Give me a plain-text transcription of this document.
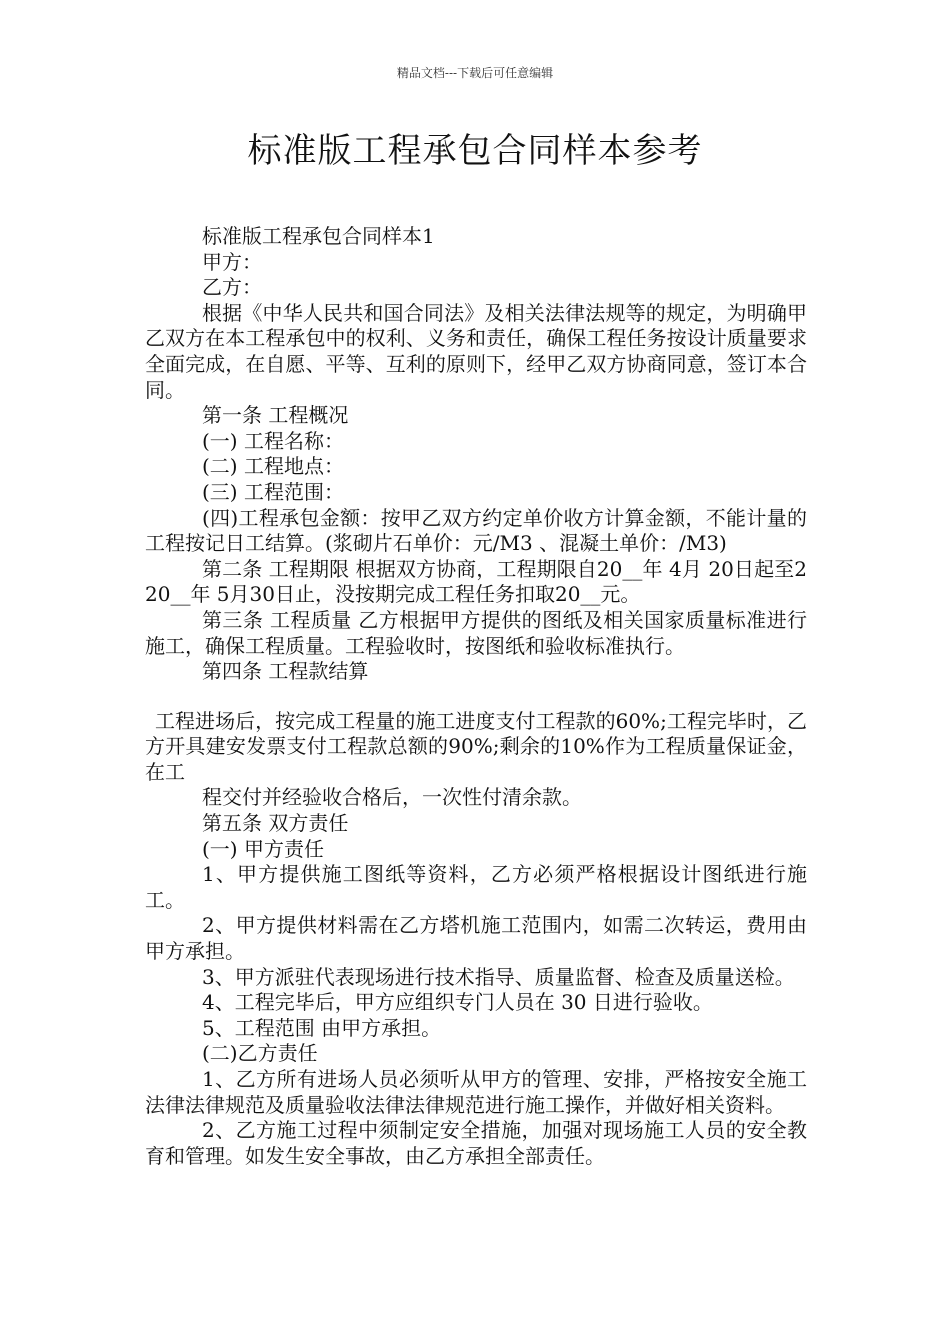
精品文档---下载后可任意编辑
标准版工程承包合同样本参考

标准版工程承包合同样本1

甲方：

乙方：

根据《中华人民共和国合同法》及相关法律法规等的规定，为明确甲乙双方在本工程承包中的权利、义务和责任，确保工程任务按设计质量要求全面完成，在自愿、平等、互利的原则下，经甲乙双方协商同意，签订本合同。

第一条 工程概况

(一) 工程名称：

(二) 工程地点：

(三) 工程范围：

(四)工程承包金额：按甲乙双方约定单价收方计算金额，不能计量的工程按记日工结算。(浆砌片石单价：元/M3 、混凝土单价：/M3)

第二条 工程期限 根据双方协商，工程期限自20__年 4月 20日起至220__年 5月30日止，没按期完成工程任务扣取20__元。

第三条 工程质量 乙方根据甲方提供的图纸及相关国家质量标准进行施工，确保工程质量。工程验收时，按图纸和验收标准执行。

第四条 工程款结算

工程进场后，按完成工程量的施工进度支付工程款的60%;工程完毕时，乙方开具建安发票支付工程款总额的90%;剩余的10%作为工程质量保证金，在工

程交付并经验收合格后，一次性付清余款。

第五条 双方责任

(一) 甲方责任

1、甲方提供施工图纸等资料，乙方必须严格根据设计图纸进行施工。

2、甲方提供材料需在乙方塔机施工范围内，如需二次转运，费用由甲方承担。

3、甲方派驻代表现场进行技术指导、质量监督、检查及质量送检。

4、工程完毕后，甲方应组织专门人员在 30 日进行验收。

5、工程范围 由甲方承担。

(二)乙方责任

1、乙方所有进场人员必须听从甲方的管理、安排，严格按安全施工法律法律规范及质量验收法律法律规范进行施工操作，并做好相关资料。

2、乙方施工过程中须制定安全措施，加强对现场施工人员的安全教育和管理。如发生安全事故，由乙方承担全部责任。
